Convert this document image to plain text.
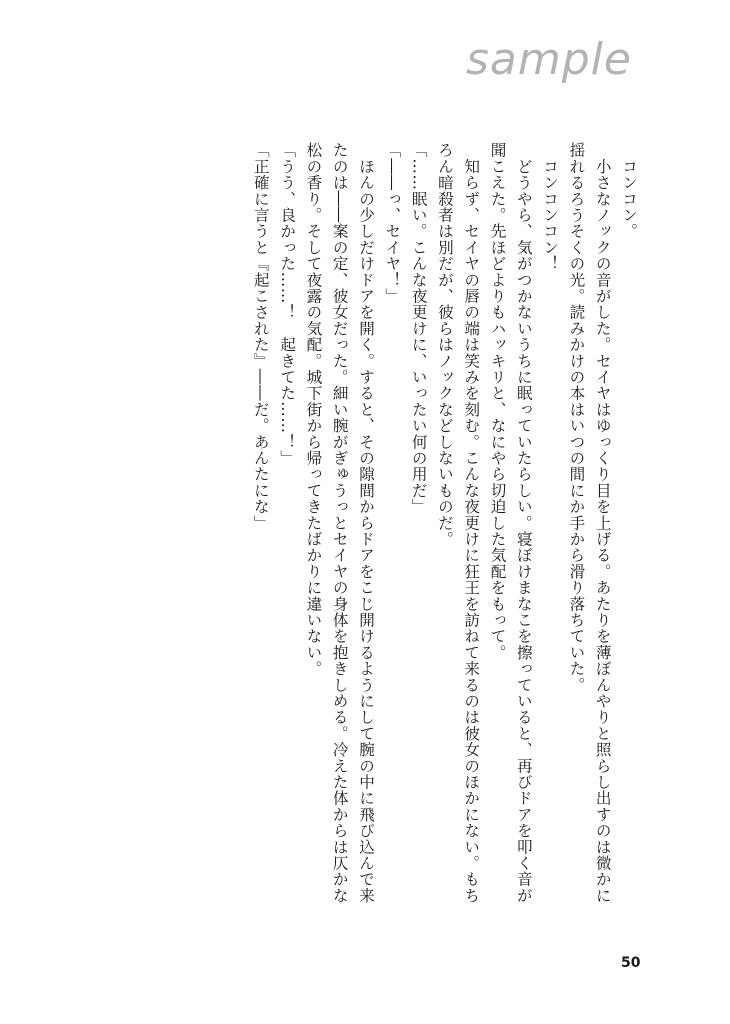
sample

　コンコン。

　小さなノックの音がした。セイヤはゆっくり目を上げる。あたりを薄ぼんやりと照らし出すのは微かに揺れるろうそくの光。読みかけの本はいつの間にか手から滑り落ちていた。

　コンコンコン！

　どうやら、気がつかないうちに眠っていたらしい。寝ぼけまなこを擦っていると、再びドアを叩く音が聞こえた。先ほどよりもハッキリと、なにやら切迫した気配をもって。

　知らず、セイヤの唇の端は笑みを刻む。こんな夜更けに狂王を訪ねて来るのは彼女のほかにない。もちろん暗殺者は別だが、彼らはノックなどしないものだ。

「……眠い。こんな夜更けに、いったい何の用だ」

「――っ、セイヤ！」

　ほんの少しだけドアを開く。すると、その隙間からドアをこじ開けるようにして腕の中に飛び込んで来たのは――案の定、彼女だった。細い腕がぎゅうっとセイヤの身体を抱きしめる。冷えた体からは仄かな松の香り。そして夜露の気配。城下街から帰ってきたばかりに違いない。

「うう、良かった……！　起きてた……！」

「正確に言うと『起こされた』――だ。あんたにな」

50
